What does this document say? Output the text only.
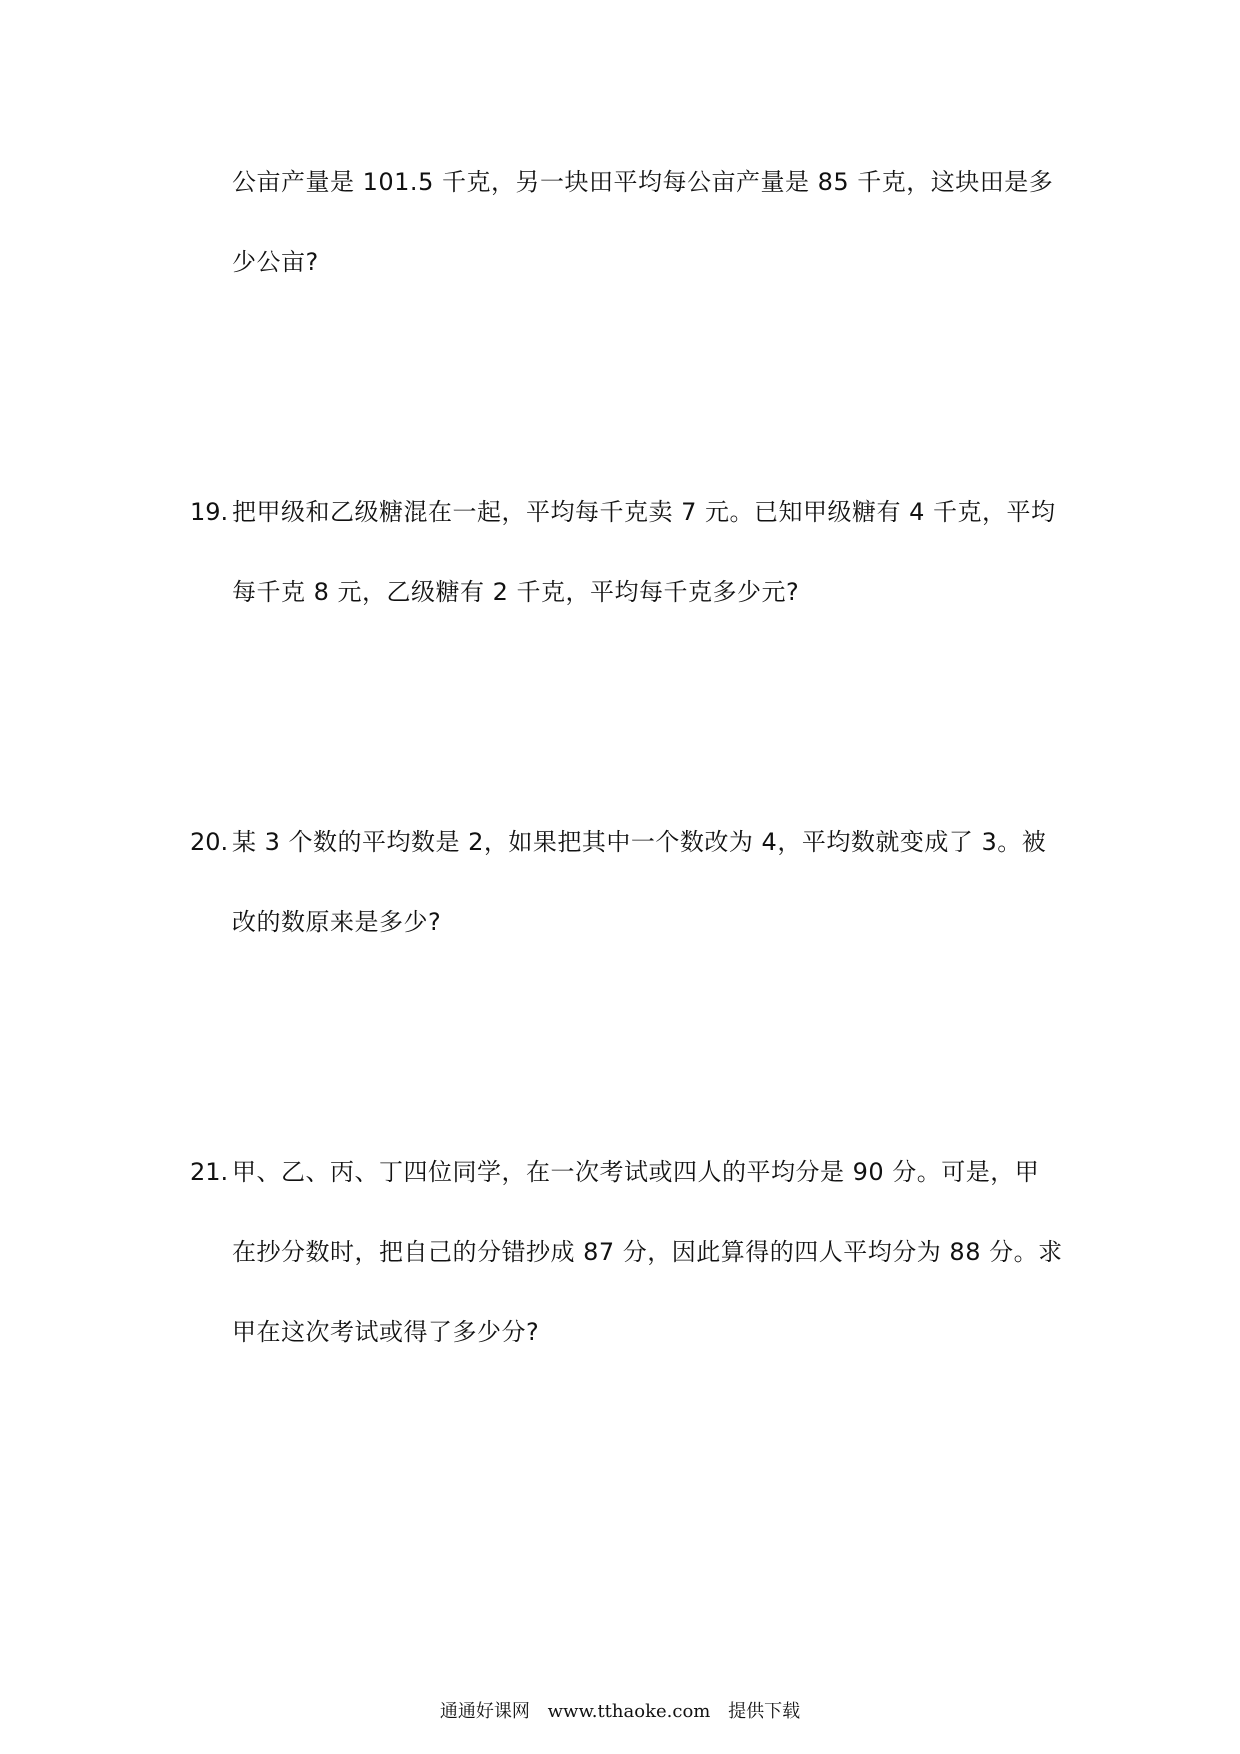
公亩产量是 101.5 千克，另一块田平均每公亩产量是 85 千克，这块田是多
少公亩?
19. 把甲级和乙级糖混在一起，平均每千克卖 7 元。已知甲级糖有 4 千克，平均
每千克 8 元，乙级糖有 2 千克，平均每千克多少元?
20. 某 3 个数的平均数是 2，如果把其中一个数改为 4，平均数就变成了 3。被
改的数原来是多少?
21. 甲、乙、丙、丁四位同学，在一次考试或四人的平均分是 90 分。可是，甲
在抄分数时，把自己的分错抄成 87 分，因此算得的四人平均分为 88 分。求
甲在这次考试或得了多少分?
通通好课网 www.tthaoke.com 提供下载
